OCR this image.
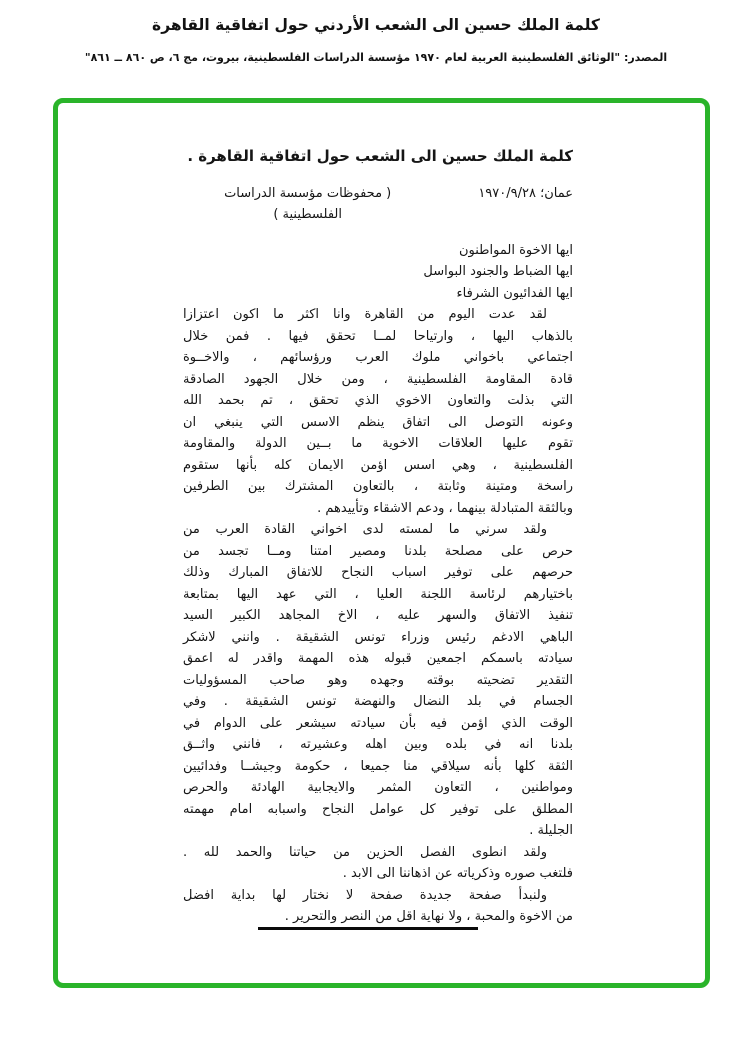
كلمة الملك حسين الى الشعب الأردني حول اتفاقية القاهرة
المصدر: "الوثائق الفلسطينية العربية لعام ١٩٧٠ مؤسسة الدراسات الفلسطينية، بيروت، مج ٦، ص ٨٦٠ ــ ٨٦١"
كلمة الملك حسين الى الشعب حول اتفاقية القاهرة .
عمان؛ ١٩٧٠/٩/٢٨
( محفوظات مؤسسة الدراسات
الفلسطينية )
ايها الاخوة المواطنون
ايها الضباط والجنود البواسل
ايها الفدائيون الشرفاء
لقد عدت اليوم من القاهرة وانا اكثر ما اكون اعتزازا
بالذهاب اليها ، وارتياحا لمــا تحقق فيها . فمن خلال
اجتماعي باخواني ملوك العرب ورؤسائهم ، والاخــوة
قادة المقاومة الفلسطينية ، ومن خلال الجهود الصادقة
التي بذلت والتعاون الاخوي الذي تحقق ، تم بحمد الله
وعونه التوصل الى اتفاق ينظم الاسس التي ينبغي ان
تقوم عليها العلاقات الاخوية ما بــين الدولة والمقاومة
الفلسطينية ، وهي اسس اؤمن الايمان كله بأنها ستقوم
راسخة ومتينة وثابتة ، بالتعاون المشترك بين الطرفين
وبالثقة المتبادلة بينهما ، ودعم الاشقاء وتأييدهم .
ولقد سرني ما لمسته لدى اخواني القادة العرب من
حرص على مصلحة بلدنا ومصير امتنا ومــا تجسد من
حرصهم على توفير اسباب النجاح للاتفاق المبارك وذلك
باختيارهم لرئاسة اللجنة العليا ، التي عهد اليها بمتابعة
تنفيذ الاتفاق والسهر عليه ، الاخ المجاهد الكبير السيد
الباهي الادغم رئيس وزراء تونس الشقيقة . وانني لاشكر
سيادته باسمكم اجمعين قبوله هذه المهمة واقدر له اعمق
التقدير تضحيته بوقته وجهده وهو صاحب المسؤوليات
الجسام في بلد النضال والنهضة تونس الشقيقة . وفي
الوقت الذي اؤمن فيه بأن سيادته سيشعر على الدوام في
بلدنا انه في بلده وبين اهله وعشيرته ، فانني واثــق
الثقة كلها بأنه سيلاقي منا جميعا ، حكومة وجيشــا وفدائيين
ومواطنين ، التعاون المثمر والايجابية الهادئة والحرص
المطلق على توفير كل عوامل النجاح واسبابه امام مهمته
الجليلة .
ولقد انطوى الفصل الحزين من حياتنا والحمد لله .
فلتغب صوره وذكرياته عن اذهاننا الى الابد .
ولنبدأ صفحة جديدة صفحة لا نختار لها بداية افضل
من الاخوة والمحبة ، ولا نهاية اقل من النصر والتحرير .
